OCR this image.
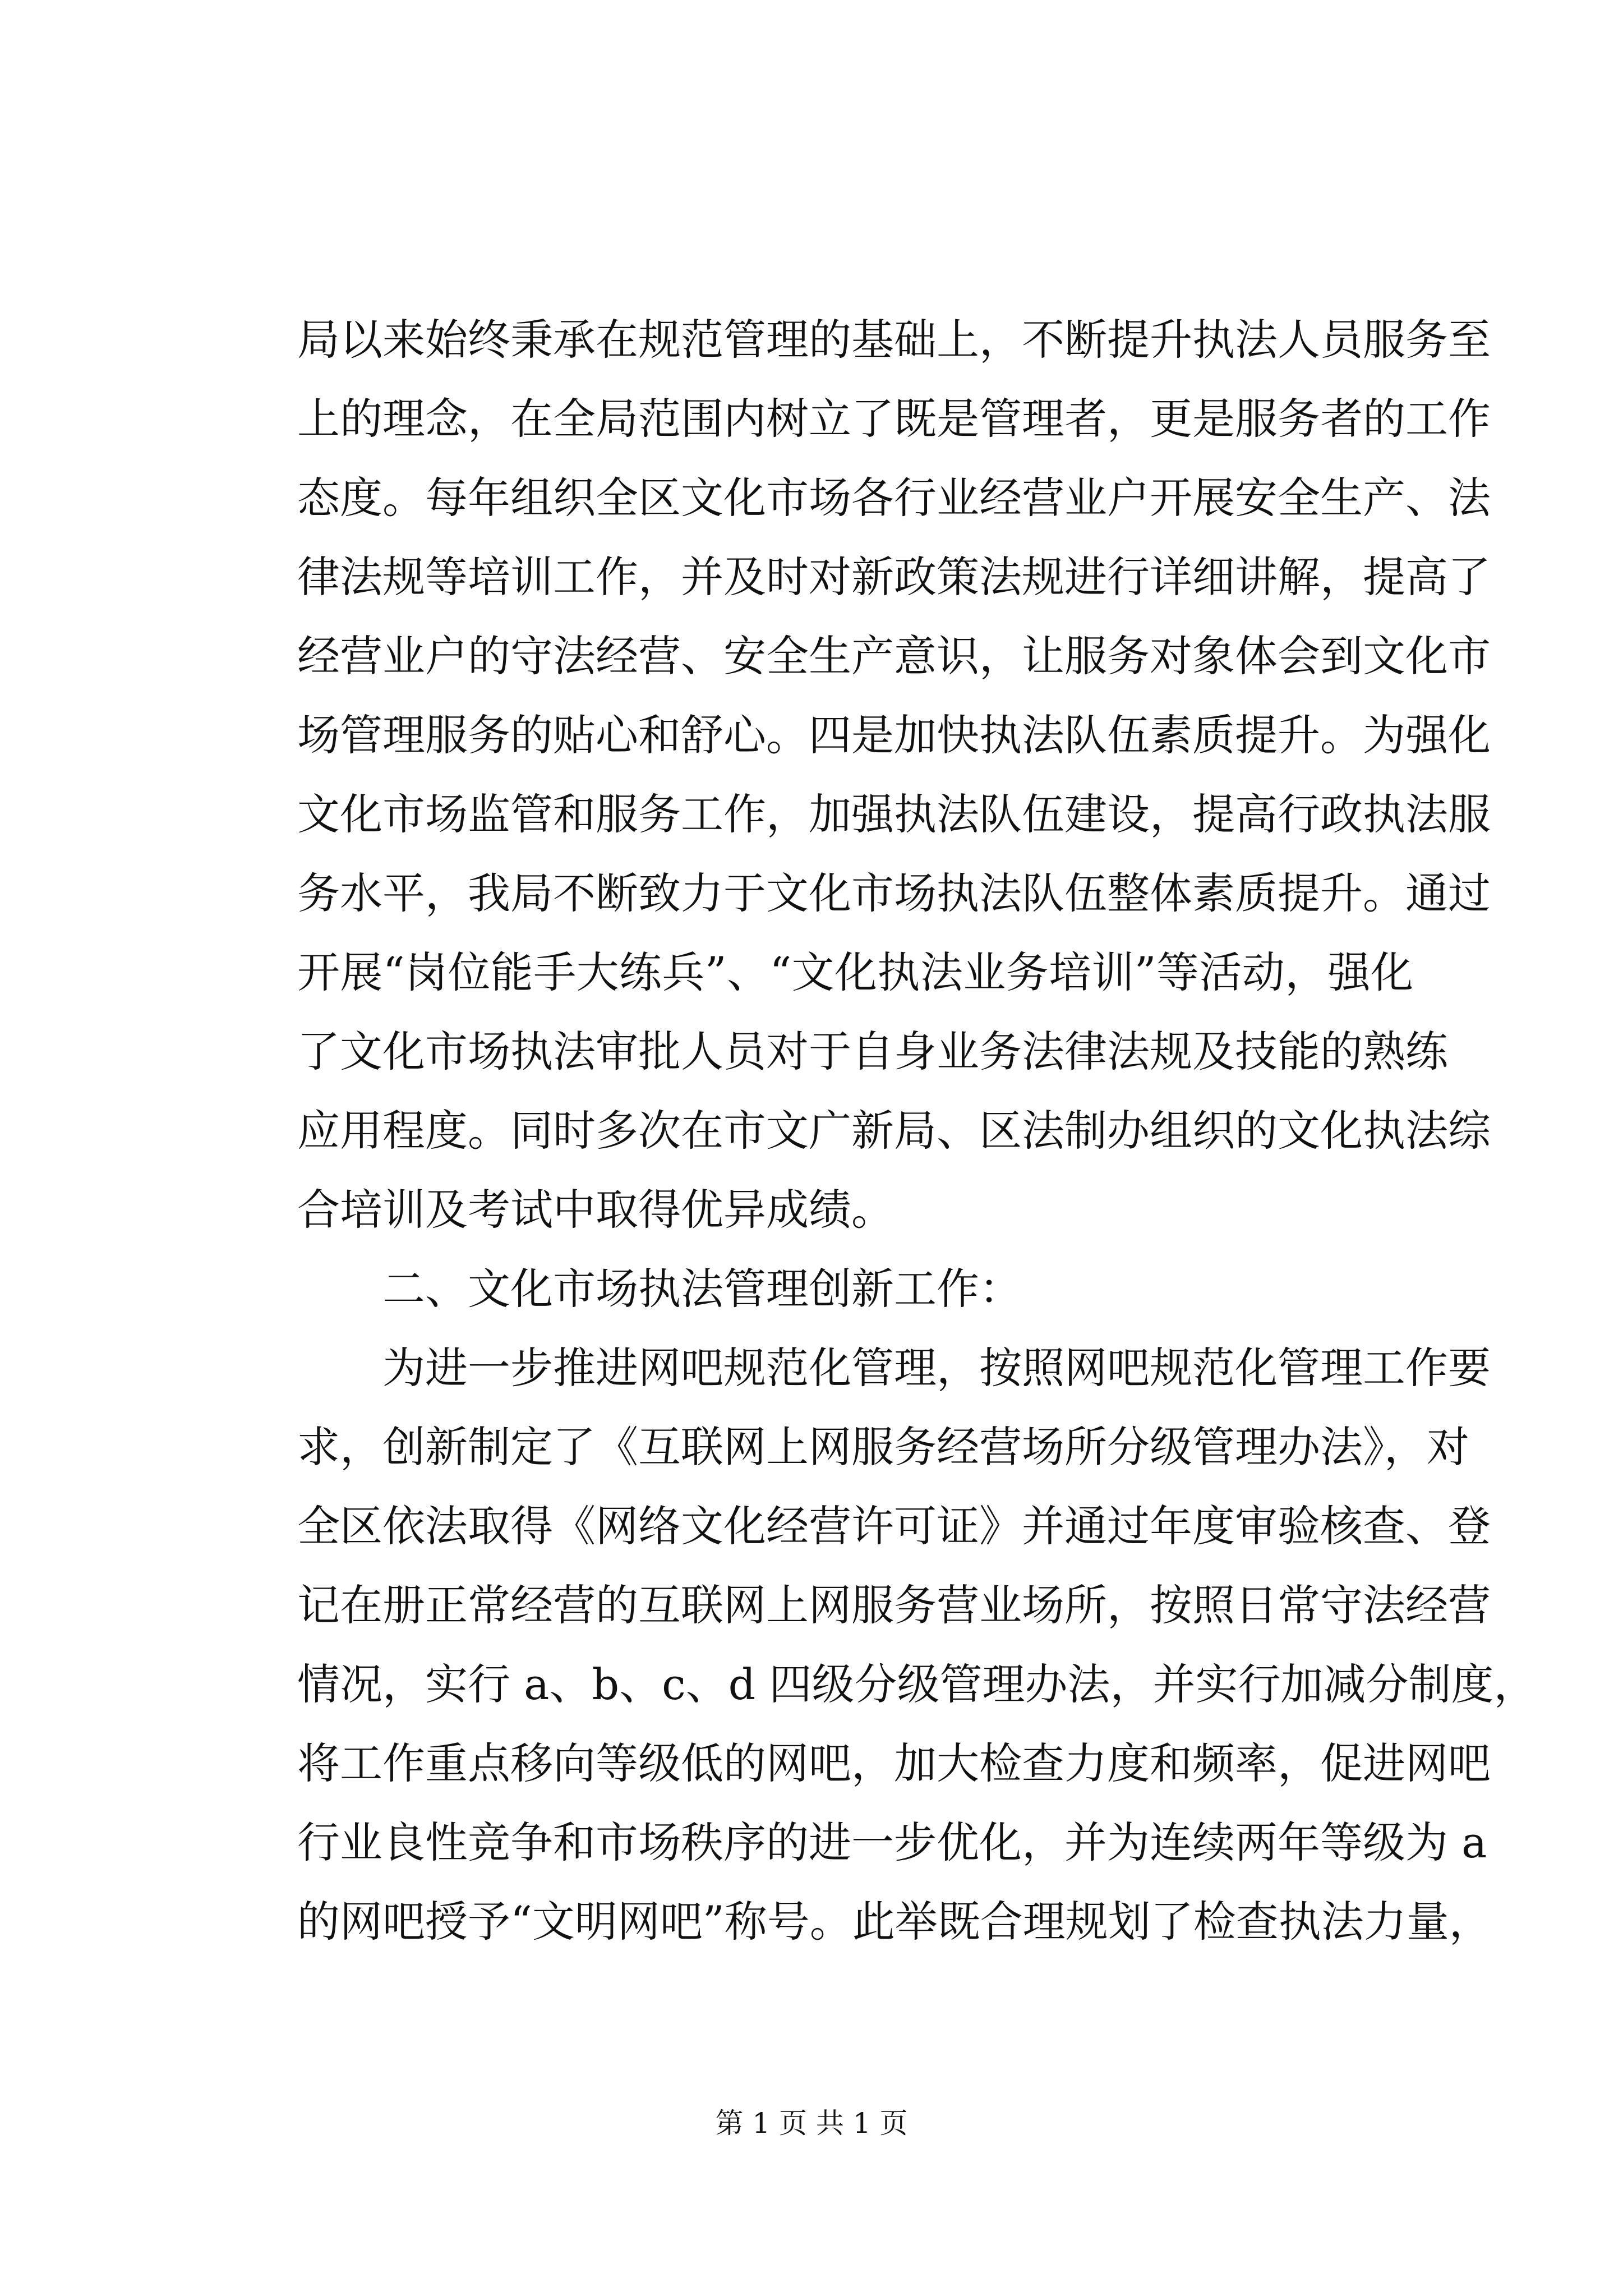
局以来始终秉承在规范管理的基础上，不断提升执法人员服务至
上的理念，在全局范围内树立了既是管理者，更是服务者的工作
态度。每年组织全区文化市场各行业经营业户开展安全生产、法
律法规等培训工作，并及时对新政策法规进行详细讲解，提高了
经营业户的守法经营、安全生产意识，让服务对象体会到文化市
场管理服务的贴心和舒心。四是加快执法队伍素质提升。为强化
文化市场监管和服务工作，加强执法队伍建设，提高行政执法服
务水平，我局不断致力于文化市场执法队伍整体素质提升。通过
开展“岗位能手大练兵”、“文化执法业务培训”等活动，强化
了文化市场执法审批人员对于自身业务法律法规及技能的熟练
应用程度。同时多次在市文广新局、区法制办组织的文化执法综
合培训及考试中取得优异成绩。
二、文化市场执法管理创新工作：
为进一步推进网吧规范化管理，按照网吧规范化管理工作要
求，创新制定了《互联网上网服务经营场所分级管理办法》，对
全区依法取得《网络文化经营许可证》并通过年度审验核查、登
记在册正常经营的互联网上网服务营业场所，按照日常守法经营
情况，实行 a、b、c、d 四级分级管理办法，并实行加减分制度，
将工作重点移向等级低的网吧，加大检查力度和频率，促进网吧
行业良性竞争和市场秩序的进一步优化，并为连续两年等级为 a
的网吧授予“文明网吧”称号。此举既合理规划了检查执法力量，
第 1 页 共 1 页
